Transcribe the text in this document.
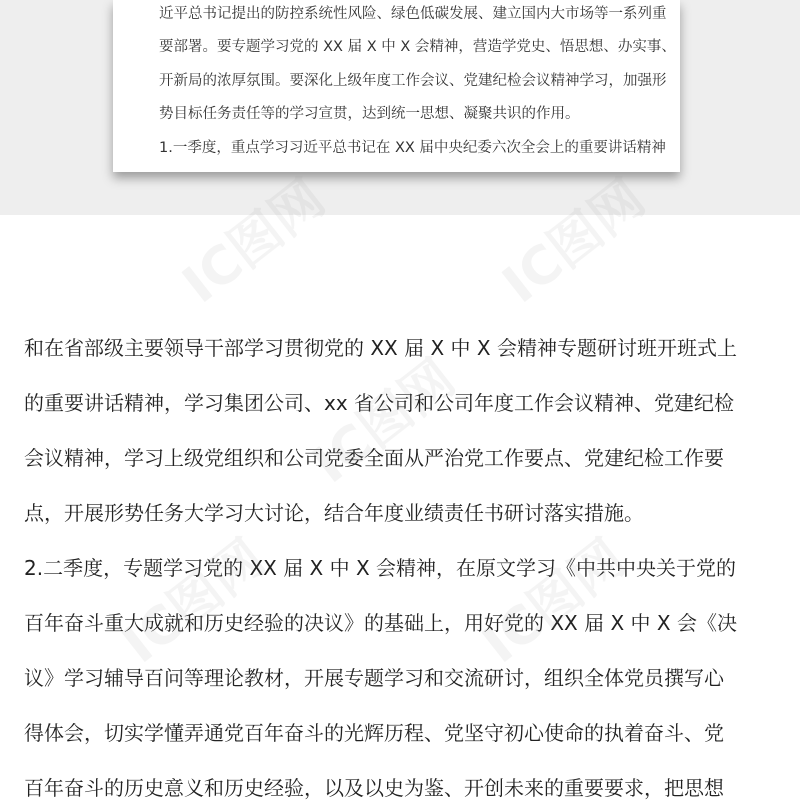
近平总书记提出的防控系统性风险、绿色低碳发展、建立国内大市场等一系列重
要部署。要专题学习党的 XX 届 X 中 X 会精神，营造学党史、悟思想、办实事、
开新局的浓厚氛围。要深化上级年度工作会议、党建纪检会议精神学习，加强形
势目标任务责任等的学习宣贯，达到统一思想、凝聚共识的作用。
1.一季度，重点学习习近平总书记在 XX 届中央纪委六次全会上的重要讲话精神
和在省部级主要领导干部学习贯彻党的 XX 届 X 中 X 会精神专题研讨班开班式上
的重要讲话精神，学习集团公司、xx 省公司和公司年度工作会议精神、党建纪检
会议精神，学习上级党组织和公司党委全面从严治党工作要点、党建纪检工作要
点，开展形势任务大学习大讨论，结合年度业绩责任书研讨落实措施。
2.二季度，专题学习党的 XX 届 X 中 X 会精神，在原文学习《中共中央关于党的
百年奋斗重大成就和历史经验的决议》的基础上，用好党的 XX 届 X 中 X 会《决
议》学习辅导百问等理论教材，开展专题学习和交流研讨，组织全体党员撰写心
得体会，切实学懂弄通党百年奋斗的光辉历程、党坚守初心使命的执着奋斗、党
百年奋斗的历史意义和历史经验，以及以史为鉴、开创未来的重要要求，把思想
IC图网	IC图网
IC图网
IC图网	IC图网
